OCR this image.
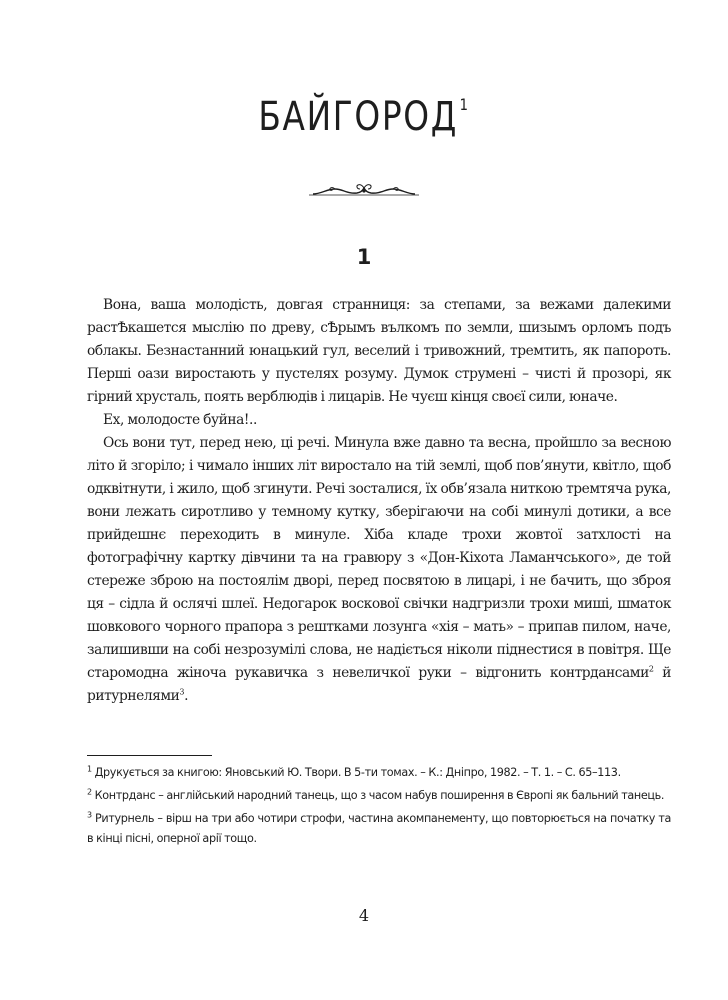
БАЙГОРОД $^1$
1

Вона, ваша молодість, довгая странниця: за степами, за вежами далекими растѢкашется мыслію по древу, сѢрымъ вълкомъ по земли, шизымъ орломъ подъ облакы. Безнастанний юнацький гул, веселий і тривожний, тремтить, як папороть. Перші оази виростають у пустелях розуму. Думок струмені – чисті й прозорі, як гірний хрусталь, поять верблюдів і лицарів. Не чуєш кінця своєї сили, юначе.

Ех, молодосте буйна!..

Ось вони тут, перед нею, ці речі. Минула вже давно та весна, пройшло за весною літо й згоріло; і чимало інших літ виростало на тій землі, щоб пов’янути, квітло, щоб одквітнути, і жило, щоб згинути. Речі зосталися, їх обв’язала ниткою тремтяча рука, вони лежать сиротливо у темному кутку, зберігаючи на собі минулі дотики, а все прийдешнє переходить в минуле. Хіба кладе трохи жовтої затхлості на фотографічну картку дівчини та на гравюру з «Дон-Кіхота Ламанчського», де той стереже зброю на постоялім дворі, перед посвятою в лицарі, і не бачить, що зброя ця – сідла й ослячі шлеї. Недогарок воскової свічки надгризли трохи миші, шматок шовкового чорного прапора з рештками лозунга «хія – мать» – припав пилом, наче, залишивши на собі незрозумілі слова, не надіється ніколи піднестися в повітря. Ще старомодна жіноча рукавичка з невеличкої руки – відгонить контрдансами$^2$ й ритурнелями$^3$.

$^1$ Друкується за книгою: Яновський Ю. Твори. В 5-ти томах. – К.: Дніпро, 1982. – Т. 1. – С. 65–113.

$^2$ Контрданс – англійський народний танець, що з часом набув поширення в Європі як бальний танець.

$^3$ Ритурнель – вірш на три або чотири строфи, частина акомпанементу, що повторюється на початку та в кінці пісні, оперної арії тощо.

4
